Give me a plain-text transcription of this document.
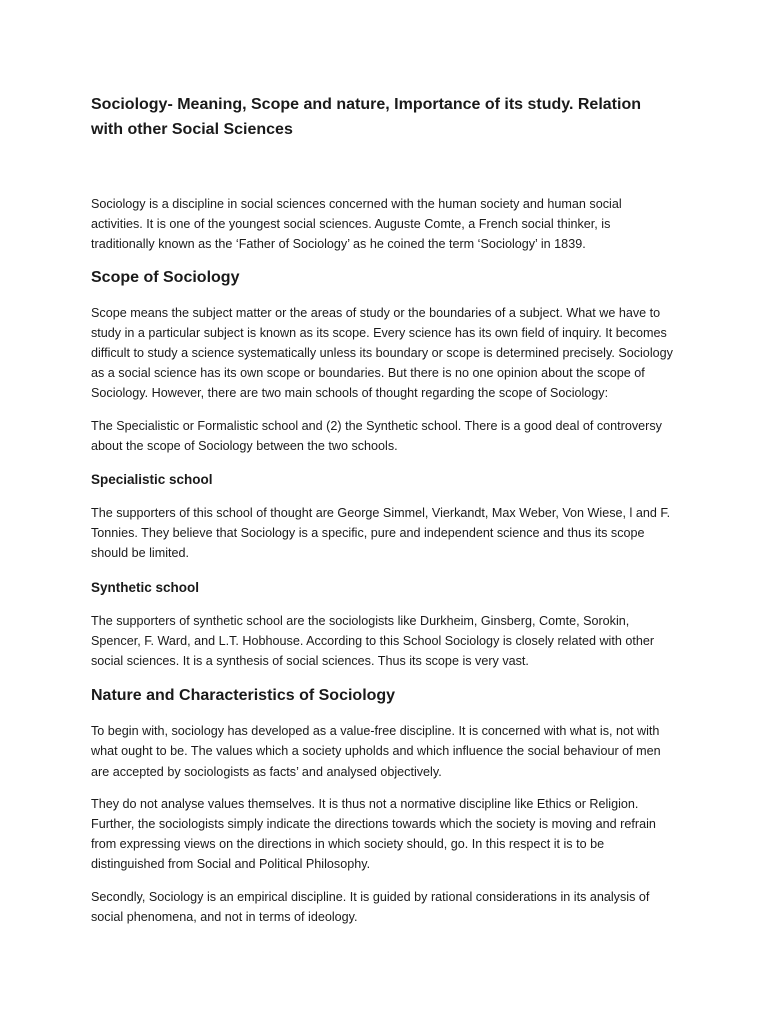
Sociology- Meaning, Scope and nature, Importance of its study. Relation with other Social Sciences

Sociology is a discipline in social sciences concerned with the human society and human social activities. It is one of the youngest social sciences. Auguste Comte, a French social thinker, is traditionally known as the ‘Father of Sociology’ as he coined the term ‘Sociology’ in 1839.

Scope of Sociology

Scope means the subject matter or the areas of study or the boundaries of a subject. What we have to study in a particular subject is known as its scope. Every science has its own field of inquiry. It becomes difficult to study a science systematically unless its boundary or scope is determined precisely. Sociology as a social science has its own scope or boundaries. But there is no one opinion about the scope of Sociology. However, there are two main schools of thought regarding the scope of Sociology:

The Specialistic or Formalistic school and (2) the Synthetic school. There is a good deal of controversy about the scope of Sociology between the two schools.

Specialistic school

The supporters of this school of thought are George Simmel, Vierkandt, Max Weber, Von Wiese, l and F. Tonnies. They believe that Sociology is a specific, pure and independent science and thus its scope should be limited.

Synthetic school

The supporters of synthetic school are the sociologists like Durkheim, Ginsberg, Comte, Sorokin, Spencer, F. Ward, and L.T. Hobhouse. According to this School Sociology is closely related with other social sciences. It is a synthesis of social sciences. Thus its scope is very vast.

Nature and Characteristics of Sociology

To begin with, sociology has developed as a value-free discipline. It is concerned with what is, not with what ought to be. The values which a society upholds and which influence the social behaviour of men are accepted by sociologists as facts’ and analysed objectively.

They do not analyse values themselves. It is thus not a normative discipline like Ethics or Religion. Further, the sociologists simply indicate the directions towards which the society is moving and refrain from expressing views on the directions in which society should, go. In this respect it is to be distinguished from Social and Political Philosophy.

Secondly, Sociology is an empirical discipline. It is guided by rational considerations in its analysis of social phenomena, and not in terms of ideology.
